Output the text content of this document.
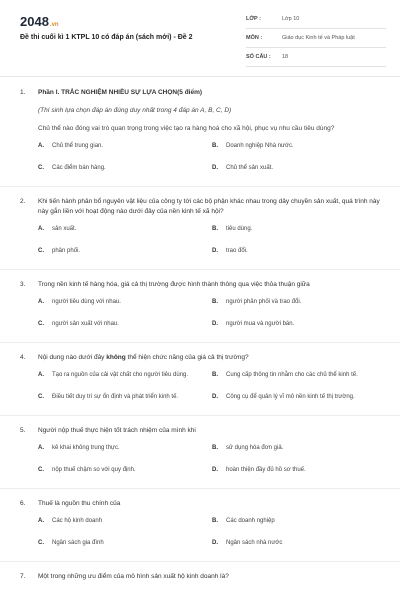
2048.vn
Đề thi cuối kì 1 KTPL 10 có đáp án (sách mới) - Đề 2
LỚP :	Lớp 10
MÔN :	Giáo dục Kinh tế và Pháp luật
SỐ CÂU :	18
1.	Phần I. TRẮC NGHIỆM NHIỀU SỰ LỰA CHỌN(5 điểm)
(Thí sinh lựa chọn đáp án đúng duy nhất trong 4 đáp án A, B, C, D)
Chủ thể nào đóng vai trò quan trọng trong việc tạo ra hàng hoá cho xã hội, phục vụ nhu cầu tiêu dùng?
A.	Chủ thể trung gian.	B.	Doanh nghiệp Nhà nước.
C.	Các điểm bán hàng.	D.	Chủ thể sản xuất.
2.	Khi tiến hành phân bổ nguyên vật liệu của công ty tới các bộ phận khác nhau trong dây chuyền sản xuất, quá trình này này gắn liền với hoạt động nào dưới đây của nền kinh tế xã hội?
A.	sản xuất.	B.	tiêu dùng.
C.	phân phối.	D.	trao đổi.
3.	Trong nền kinh tế hàng hóa, giá cả thị trường được hình thành thông qua việc thỏa thuận giữa
A.	người tiêu dùng với nhau.	B.	người phân phối và trao đổi.
C.	người sản xuất với nhau.	D.	người mua và người bán.
4.	Nội dung nào dưới đây không thể hiện chức năng của giá cả thị trường?
A.	Tạo ra nguồn của cải vật chất cho người tiêu dùng.	B.	Cung cấp thông tin nhằm cho các chủ thể kinh tế.
C.	Điều tiết duy trì sự ổn định và phát triển kinh tế.	D.	Công cụ để quản lý vĩ mô nền kinh tế thị trường.
5.	Người nộp thuế thực hiện tốt trách nhiệm của mình khi
A.	kê khai không trung thực.	B.	sử dụng hóa đơn giả.
C.	nộp thuế chậm so với quy định.	D.	hoàn thiện đầy đủ hồ sơ thuế.
6.	Thuế là nguồn thu chính của
A.	Các hộ kinh doanh	B.	Các doanh nghiệp
C.	Ngân sách gia đình	D.	Ngân sách nhà nước
7.	Một trong những ưu điểm của mô hình sản xuất hộ kinh doanh là?
